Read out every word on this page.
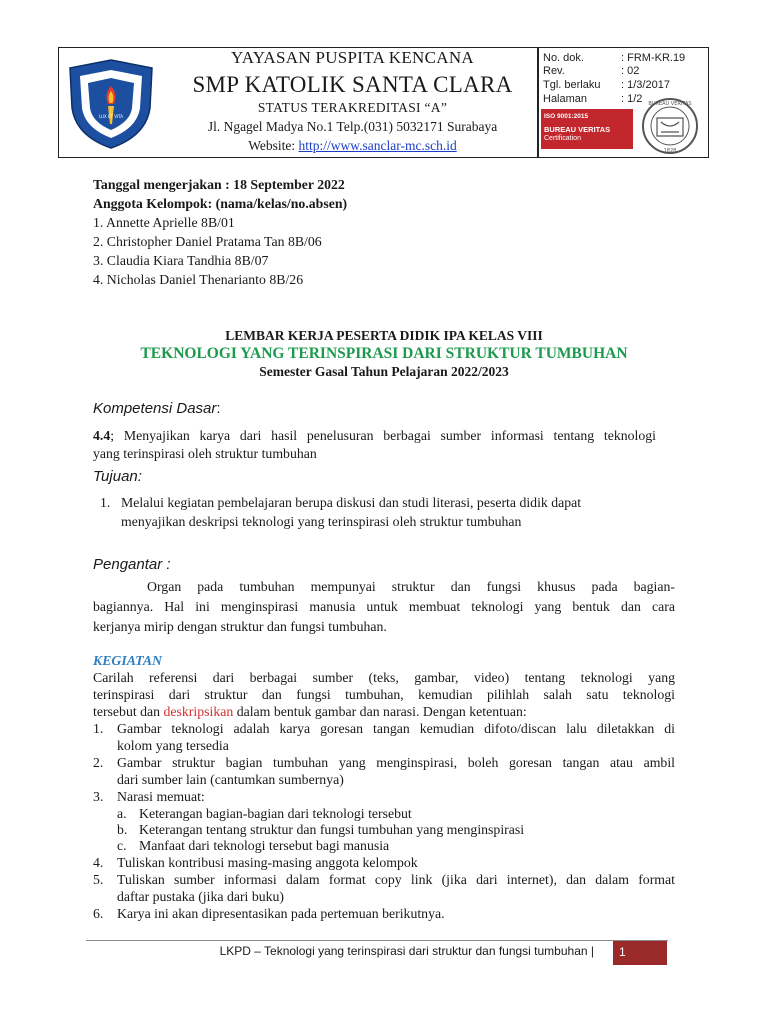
LUX ET VITA
YAYASAN PUSPITA KENCANA
SMP KATOLIK SANTA CLARA
STATUS TERAKREDITASI “A”
Jl. Ngagel Madya No.1 Telp.(031) 5032171 Surabaya
Website: http://www.sanclar-mc.sch.id
No. dok.	: FRM-KR.19
Rev.	: 02
Tgl. berlaku : 1/3/2017
Halaman	: 1/2
ISO 9001:2015
BUREAU VERITAS
Certification
BUREAU VERITAS
1828
Tanggal mengerjakan : 18 September 2022
Anggota Kelompok: (nama/kelas/no.absen)
1. Annette Aprielle 8B/01
2. Christopher Daniel Pratama Tan 8B/06
3. Claudia Kiara Tandhia 8B/07
4. Nicholas Daniel Thenarianto 8B/26
LEMBAR KERJA PESERTA DIDIK IPA KELAS VIII
TEKNOLOGI YANG TERINSPIRASI DARI STRUKTUR TUMBUHAN
Semester Gasal Tahun Pelajaran 2022/2023
Kompetensi Dasar:
4.4; Menyajikan karya dari hasil penelusuran berbagai sumber informasi tentang teknologi
yang terinspirasi oleh struktur tumbuhan
Tujuan:
1. Melalui kegiatan pembelajaran berupa diskusi dan studi literasi, peserta didik dapat
menyajikan deskripsi teknologi yang terinspirasi oleh struktur tumbuhan
Pengantar :
Organ pada tumbuhan mempunyai struktur dan fungsi khusus pada bagian-
bagiannya. Hal ini menginspirasi manusia untuk membuat teknologi yang bentuk dan cara
kerjanya mirip dengan struktur dan fungsi tumbuhan.
KEGIATAN
Carilah referensi dari berbagai sumber (teks, gambar, video) tentang teknologi yang
terinspirasi dari struktur dan fungsi tumbuhan, kemudian pilihlah salah satu teknologi
tersebut dan deskripsikan dalam bentuk gambar dan narasi. Dengan ketentuan:
1. Gambar teknologi adalah karya goresan tangan kemudian difoto/discan lalu diletakkan di
kolom yang tersedia
2. Gambar struktur bagian tumbuhan yang menginspirasi, boleh goresan tangan atau ambil
dari sumber lain (cantumkan sumbernya)
3. Narasi memuat:
a. Keterangan bagian-bagian dari teknologi tersebut
b. Keterangan tentang struktur dan fungsi tumbuhan yang menginspirasi
c. Manfaat dari teknologi tersebut bagi manusia
4. Tuliskan kontribusi masing-masing anggota kelompok
5. Tuliskan sumber informasi dalam format copy link (jika dari internet), dan dalam format
daftar pustaka (jika dari buku)
6. Karya ini akan dipresentasikan pada pertemuan berikutnya.
LKPD – Teknologi yang terinspirasi dari struktur dan fungsi tumbuhan | 1
